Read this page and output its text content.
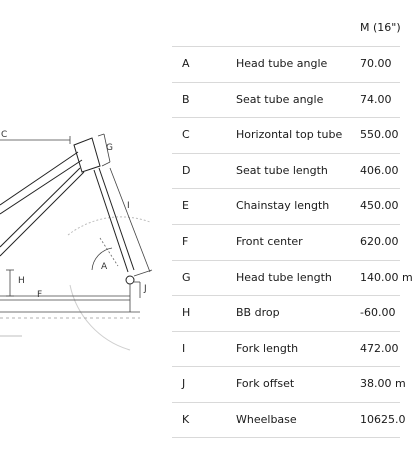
C
G
I
A
H
F
J
M (16")
A	Head tube angle	70.00
B	Seat tube angle	74.00
C	Horizontal top tube 550.00
D	Seat tube length	406.00
E	Chainstay length	450.00
F	Front center	620.00
G	Head tube length	140.00 m
H	BB drop	-60.00
I	Fork length	472.00
J	Fork offset	38.00 m
K	Wheelbase	10625.0
